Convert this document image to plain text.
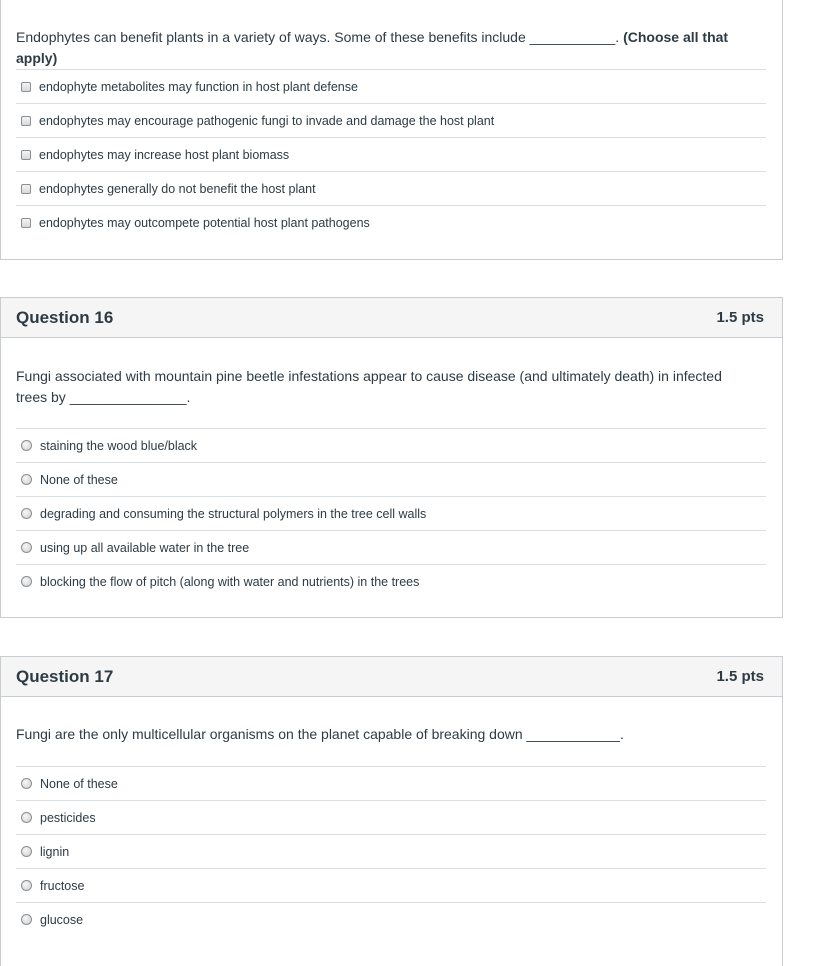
Endophytes can benefit plants in a variety of ways. Some of these benefits include ___________. (Choose all that apply)
endophyte metabolites may function in host plant defense
endophytes may encourage pathogenic fungi to invade and damage the host plant
endophytes may increase host plant biomass
endophytes generally do not benefit the host plant
endophytes may outcompete potential host plant pathogens
Question 16	1.5 pts
Fungi associated with mountain pine beetle infestations appear to cause disease (and ultimately death) in infected trees by _______________.
staining the wood blue/black
None of these
degrading and consuming the structural polymers in the tree cell walls
using up all available water in the tree
blocking the flow of pitch (along with water and nutrients) in the trees
Question 17	1.5 pts
Fungi are the only multicellular organisms on the planet capable of breaking down ____________.
None of these
pesticides
lignin
fructose
glucose
